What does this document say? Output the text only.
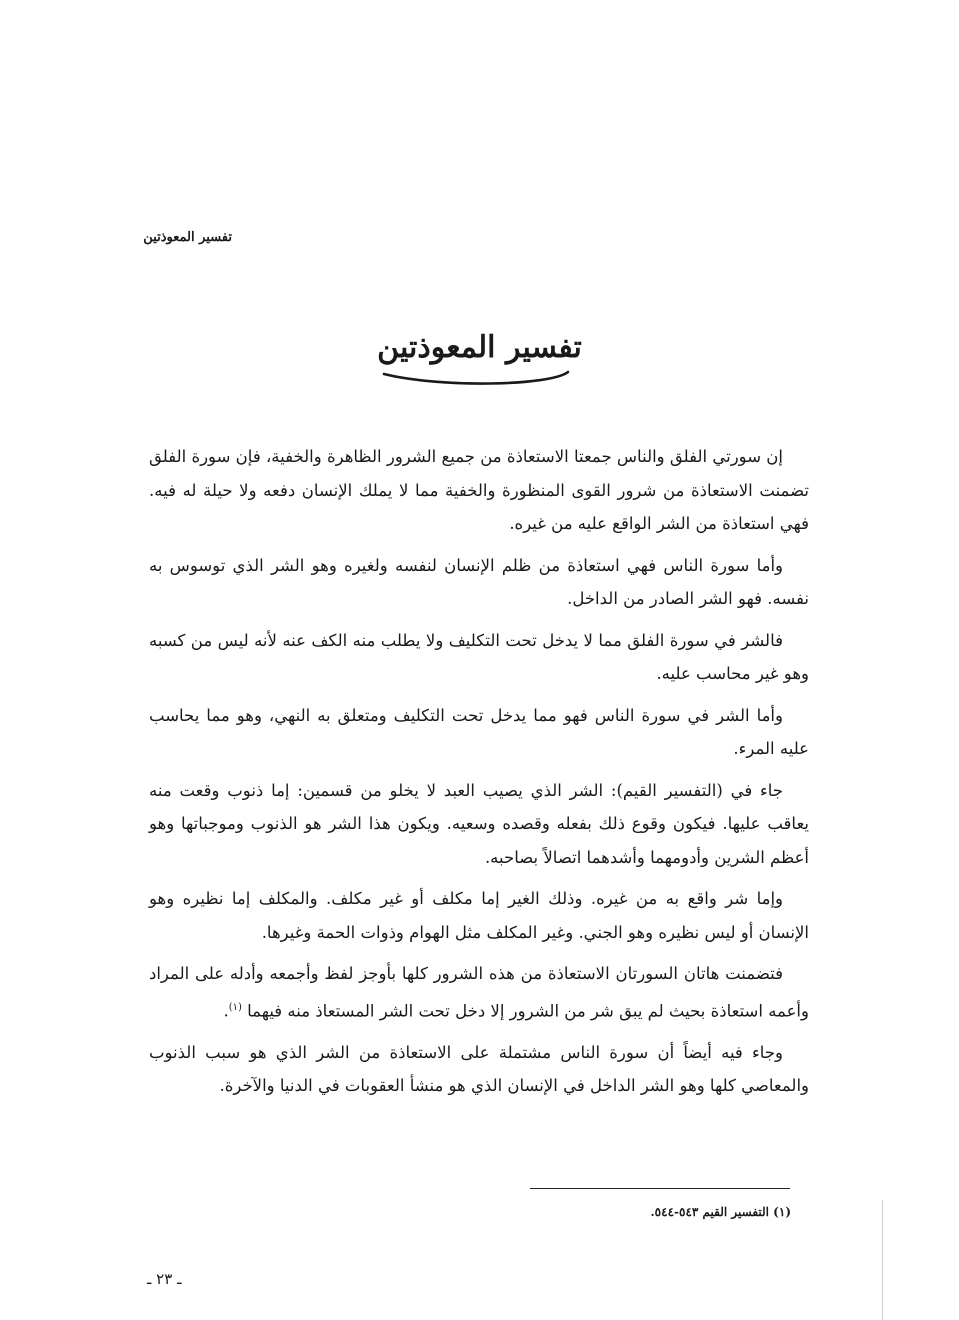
تفسير المعوذتين
تفسير المعوذتين

إن سورتي الفلق والناس جمعتا الاستعاذة من جميع الشرور الظاهرة والخفية، فإن سورة الفلق تضمنت الاستعاذة من شرور القوى المنظورة والخفية مما لا يملك الإنسان دفعه ولا حيلة له فيه. فهي استعاذة من الشر الواقع عليه من غيره.

وأما سورة الناس فهي استعاذة من ظلم الإنسان لنفسه ولغيره وهو الشر الذي توسوس به نفسه. فهو الشر الصادر من الداخل.

فالشر في سورة الفلق مما لا يدخل تحت التكليف ولا يطلب منه الكف عنه لأنه ليس من كسبه وهو غير محاسب عليه.

وأما الشر في سورة الناس فهو مما يدخل تحت التكليف ومتعلق به النهي، وهو مما يحاسب عليه المرء.

جاء في (التفسير القيم): الشر الذي يصيب العبد لا يخلو من قسمين: إما ذنوب وقعت منه يعاقب عليها. فيكون وقوع ذلك بفعله وقصده وسعيه. ويكون هذا الشر هو الذنوب وموجباتها وهو أعظم الشرين وأدومهما وأشدهما اتصالاً بصاحبه.

وإما شر واقع به من غيره. وذلك الغير إما مكلف أو غير مكلف. والمكلف إما نظيره وهو الإنسان أو ليس نظيره وهو الجني. وغير المكلف مثل الهوام وذوات الحمة وغيرها.

فتضمنت هاتان السورتان الاستعاذة من هذه الشرور كلها بأوجز لفظ وأجمعه وأدله على المراد وأعمه استعاذة بحيث لم يبق شر من الشرور إلا دخل تحت الشر المستعاذ منه فيهما $^{(١)}$.

وجاء فيه أيضاً أن سورة الناس مشتملة على الاستعاذة من الشر الذي هو سبب الذنوب والمعاصي كلها وهو الشر الداخل في الإنسان الذي هو منشأ العقوبات في الدنيا والآخرة.

(١) التفسير القيم ٥٤٣-٥٤٤.
ـ ٢٣ ـ
